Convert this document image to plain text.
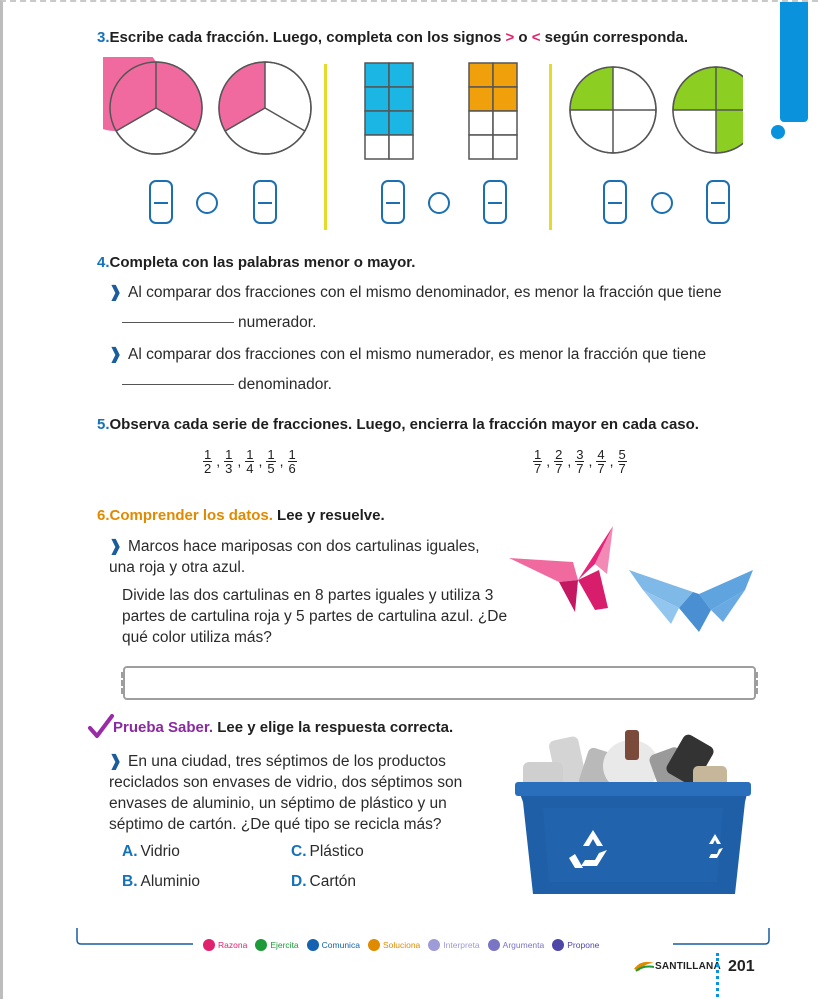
3.Escribe cada fracción. Luego, completa con los signos > o < según corresponda.
4.Completa con las palabras menor o mayor.
❱ Al comparar dos fracciones con el mismo denominador, es menor la fracción que tiene
numerador.
❱ Al comparar dos fracciones con el mismo numerador, es menor la fracción que tiene
denominador.
5.Observa cada serie de fracciones. Luego, encierra la fracción mayor en cada caso.
$\frac{1}{2}$ , $\frac{1}{3}$ , $\frac{1}{4}$ , $\frac{1}{5}$ , $\frac{1}{6}$	$\frac{1}{7}$ , $\frac{2}{7}$ , $\frac{3}{7}$ , $\frac{4}{7}$ , $\frac{5}{7}$
6.Comprender los datos. Lee y resuelve.
❱ Marcos hace mariposas con dos cartulinas iguales, una roja y otra azul.
Divide las dos cartulinas en 8 partes iguales y utiliza 3 partes de cartulina roja y 5 partes de cartulina azul. ¿De qué color utiliza más?
Prueba Saber. Lee y elige la respuesta correcta.
❱ En una ciudad, tres séptimos de los productos reciclados son envases de vidrio, dos séptimos son envases de aluminio, un séptimo de plástico y un séptimo de cartón. ¿De qué tipo se recicla más?
A. Vidrio
B. Aluminio
C. Plástico
D. Cartón
Razona	Ejercita	Comunica	Soluciona	Interpreta	Argumenta	Propone
SANTILLANA 201
